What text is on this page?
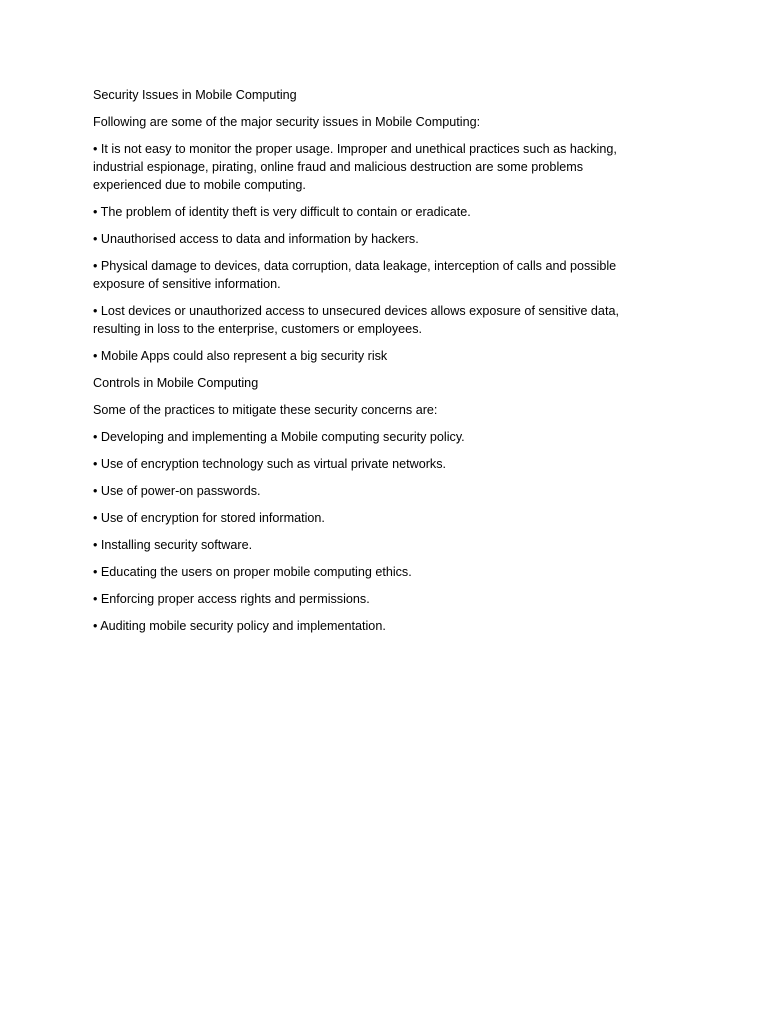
Security Issues in Mobile Computing

Following are some of the major security issues in Mobile Computing:

• It is not easy to monitor the proper usage. Improper and unethical practices such as hacking, industrial espionage, pirating, online fraud and malicious destruction are some problems experienced due to mobile computing.

• The problem of identity theft is very difficult to contain or eradicate.

• Unauthorised access to data and information by hackers.

• Physical damage to devices, data corruption, data leakage, interception of calls and possible exposure of sensitive information.

• Lost devices or unauthorized access to unsecured devices allows exposure of sensitive data, resulting in loss to the enterprise, customers or employees.

• Mobile Apps could also represent a big security risk

Controls in Mobile Computing

Some of the practices to mitigate these security concerns are:

• Developing and implementing a Mobile computing security policy.

• Use of encryption technology such as virtual private networks.

• Use of power-on passwords.

• Use of encryption for stored information.

• Installing security software.

• Educating the users on proper mobile computing ethics.

• Enforcing proper access rights and permissions.

• Auditing mobile security policy and implementation.
